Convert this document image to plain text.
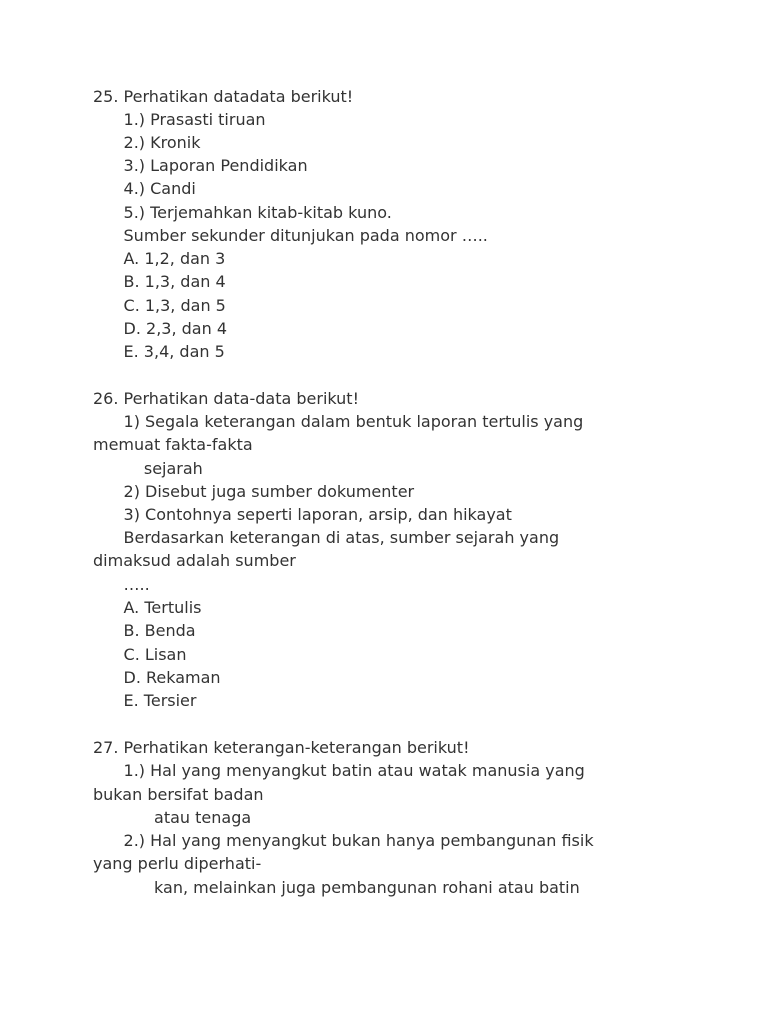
25. Perhatikan datadata berikut!

1.) Prasasti tiruan

2.) Kronik

3.) Laporan Pendidikan

4.) Candi

5.) Terjemahkan kitab-kitab kuno.

Sumber sekunder ditunjukan pada nomor …..

A. 1,2, dan 3

B. 1,3, dan 4

C. 1,3, dan 5

D. 2,3, dan 4

E. 3,4, dan 5

26. Perhatikan data-data berikut!

1) Segala keterangan dalam bentuk laporan tertulis yang

memuat fakta-fakta

sejarah

2) Disebut juga sumber dokumenter

3) Contohnya seperti laporan, arsip, dan hikayat

Berdasarkan keterangan di atas, sumber sejarah yang

dimaksud adalah sumber

…..

A. Tertulis

B. Benda

C. Lisan

D. Rekaman

E. Tersier

27. Perhatikan keterangan-keterangan berikut!

1.) Hal yang menyangkut batin atau watak manusia yang

bukan bersifat badan

atau tenaga

2.) Hal yang menyangkut bukan hanya pembangunan fisik

yang perlu diperhati-

kan, melainkan juga pembangunan rohani atau batin
